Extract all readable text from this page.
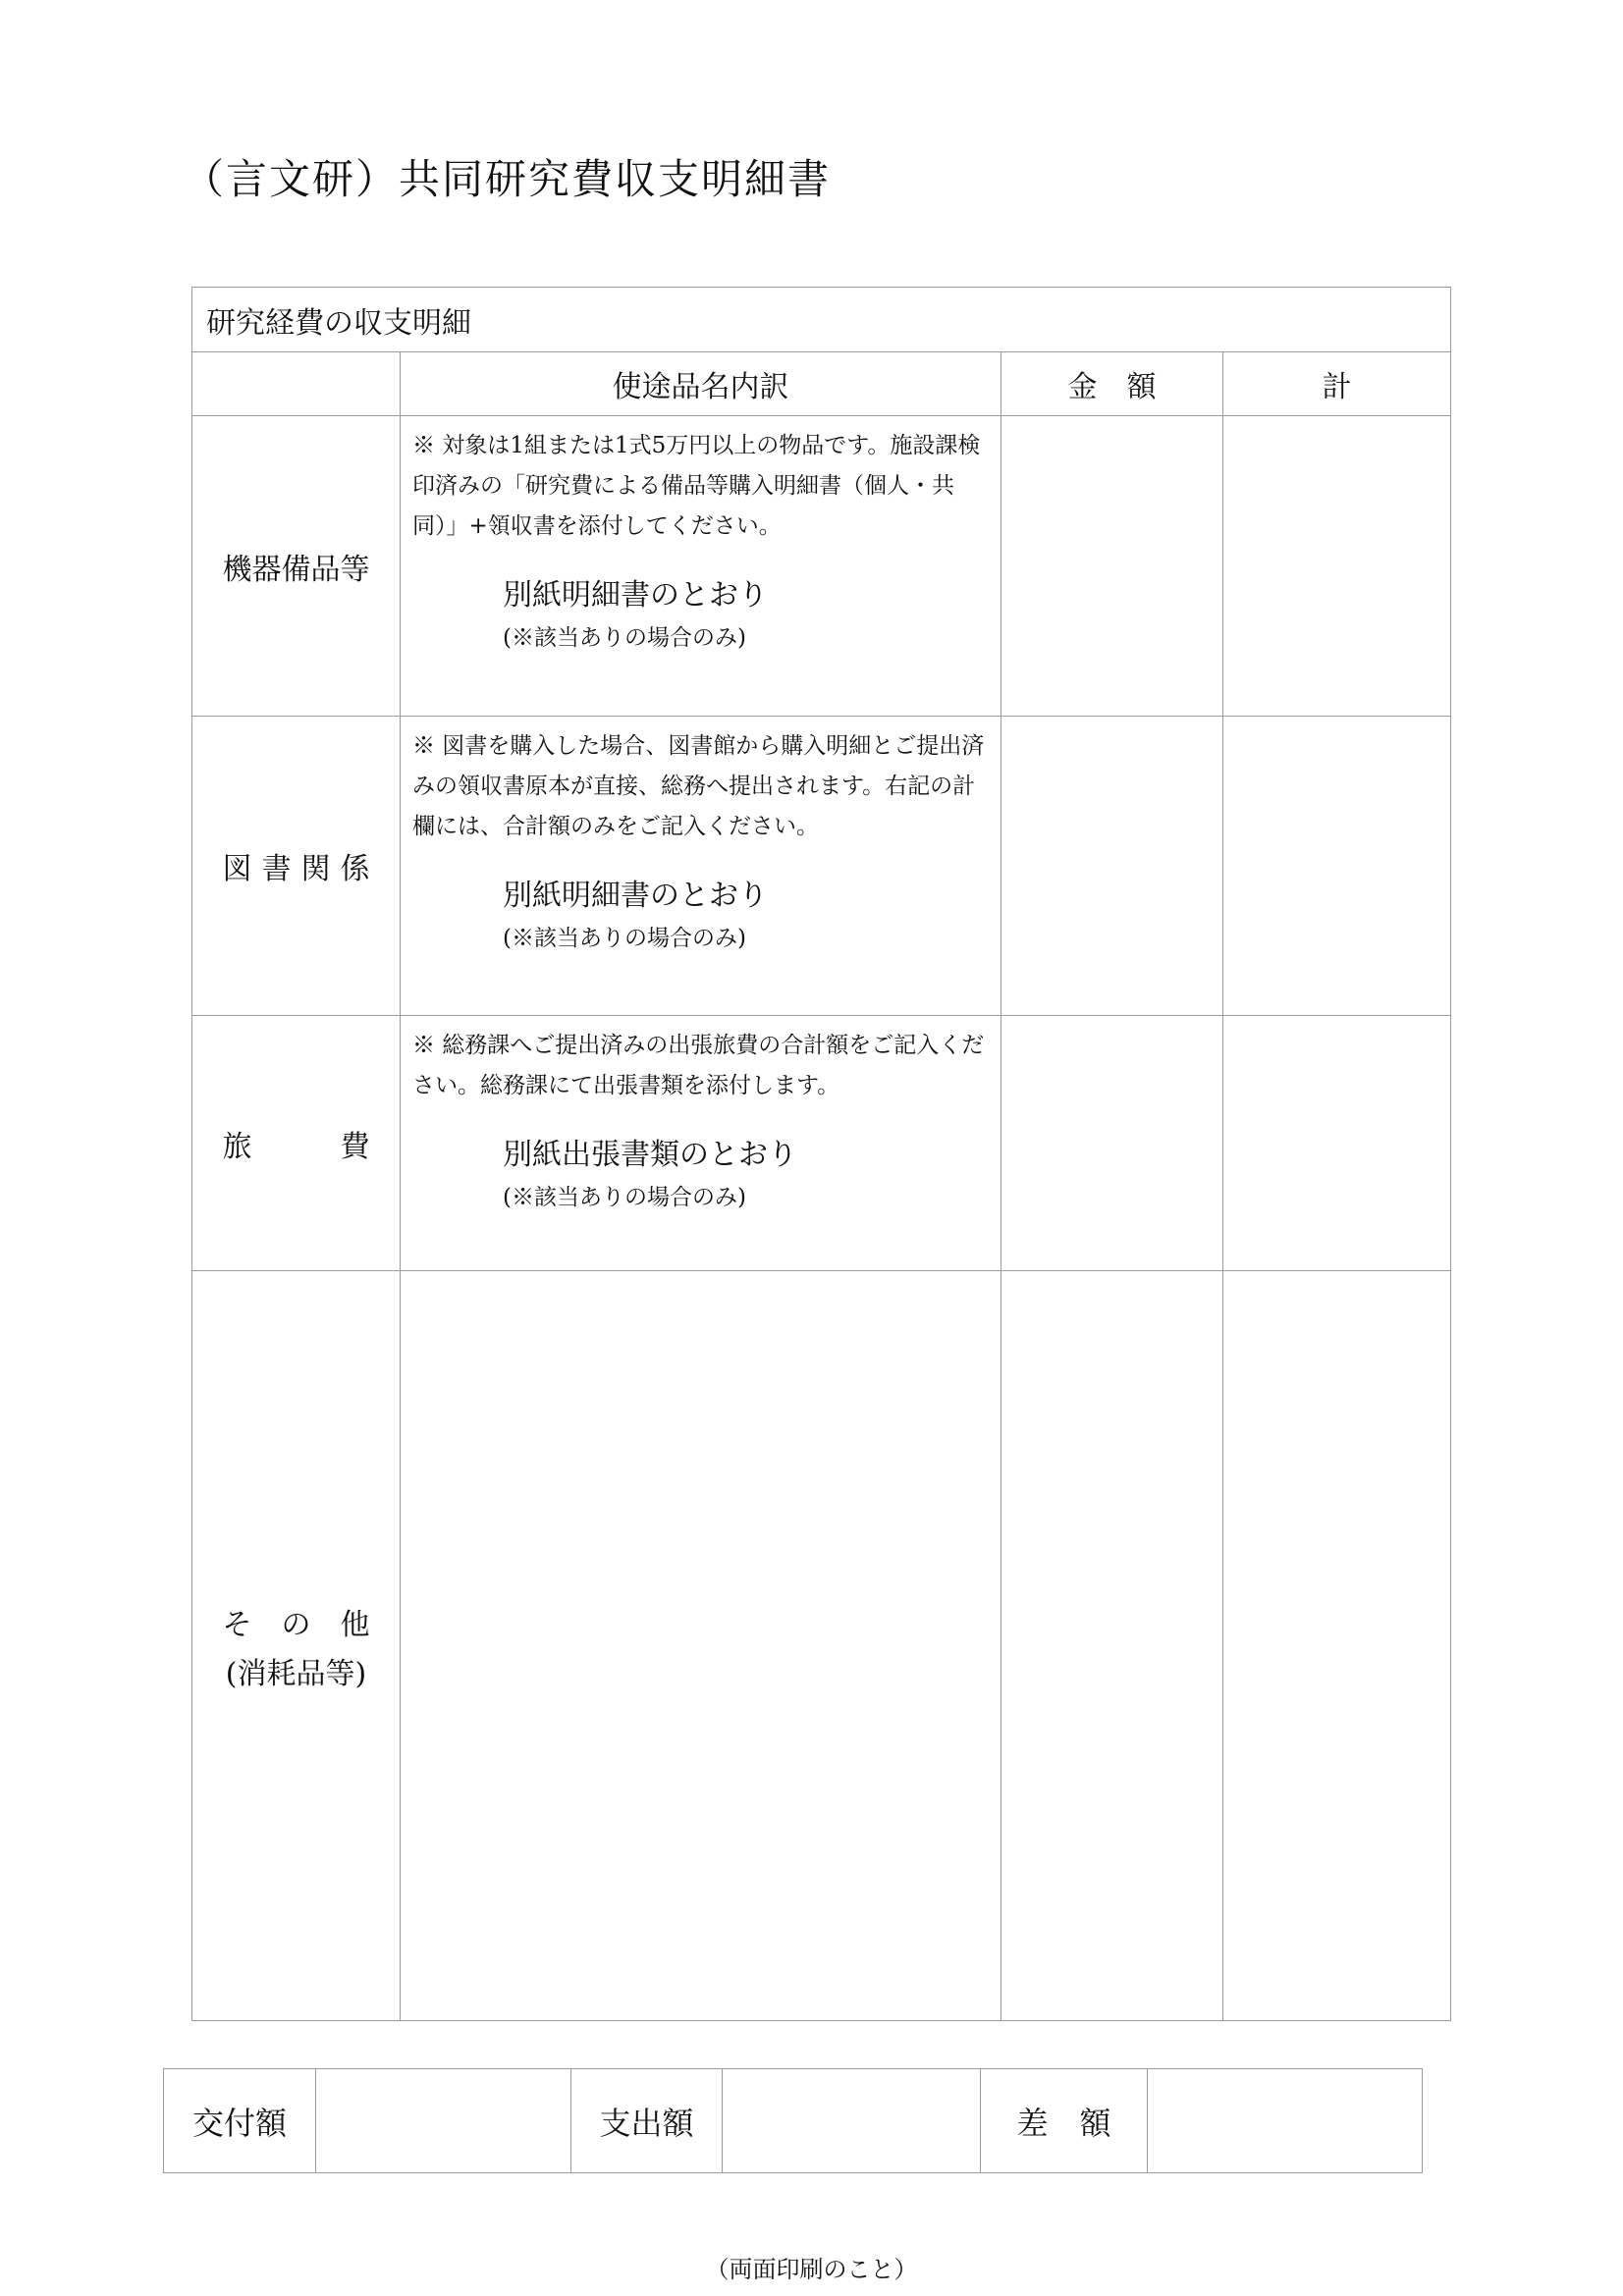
（言文研）共同研究費収支明細書
研究経費の収支明細			
	使途品名内訳	金　額	計
機器備品等	※ 対象は1組または1式5万円以上の物品です。施設課検印済みの「研究費による備品等購入明細書（個人・共同）」+領収書を添付してください。
別紙明細書のとおり
(※該当ありの場合のみ)		

図書関係	※ 図書を購入した場合、図書館から購入明細とご提出済みの領収書原本が直接、総務へ提出されます。右記の計欄には、合計額のみをご記入ください。
別紙明細書のとおり
(※該当ありの場合のみ)		

旅費	※ 総務課へご提出済みの出張旅費の合計額をご記入ください。総務課にて出張書類を添付します。
別紙出張書類のとおり
(※該当ありの場合のみ)		

そ の 他
(消耗品等)			

交付額		支出額		差　額	
（両面印刷のこと）
